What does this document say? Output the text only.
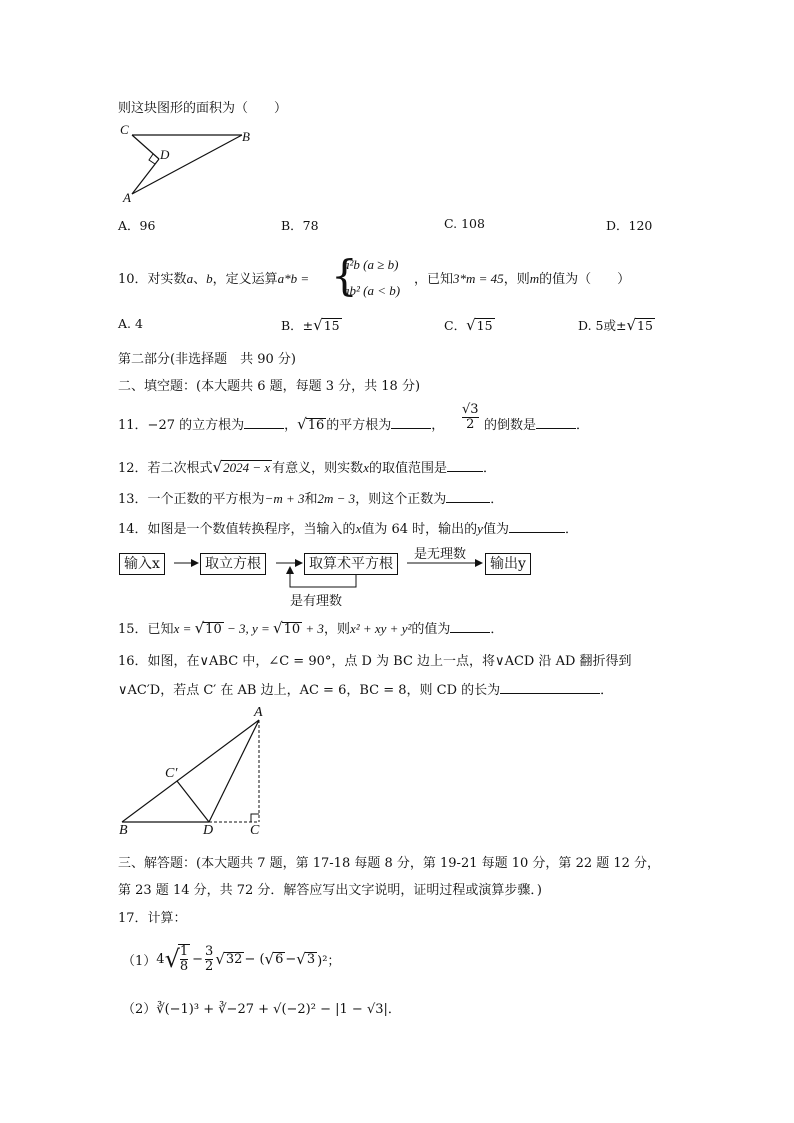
则这块图形的面积为（　　）
C	B
D
A
A．96	B．78	C. 108	D．120
10．对实数a、b，定义运算a*b = {
a²b (a ≥ b)
ab² (a < b)
，已知3*m = 45，则m的值为（　　）
A. 4	B．±√15	C．√15	D. 5或±√15
第二部分(非选择题　共 90 分)
二、填空题：(本大题共 6 题，每题 3 分，共 18 分)
11．−27 的立方根为	，√16 的平方根为	， $\frac{√3}{2}$ 的倒数是	．
12．若二次根式√2024 − x 有意义，则实数x的取值范围是	．
13．一个正数的平方根为−m + 3和2m − 3，则这个正数为	．
14．如图是一个数值转换程序，当输入的x值为 64 时，输出的y值为	．
输入x	取立方根	取算术平方根	输出y
是无理数
是有理数
15．已知x = √10 − 3, y = √10 + 3，则x² + xy + y²的值为	．
16．如图，在∨ABC 中，∠C = 90°，点 D 为 BC 边上一点，将∨ACD 沿 AD 翻折得到
∨AC′D，若点 C′ 在 AB 边上，AC = 6，BC = 8，则 CD 的长为	．
A
C′
B	D	C
三、解答题：(本大题共 7 题，第 17-18 每题 8 分，第 19-21 每题 10 分，第 22 题 12 分，
第 23 题 14 分，共 72 分．解答应写出文字说明，证明过程或演算步骤．)
17．计算：
（1） 4 √
$\frac{1}{8} - \frac{3}{2}$ √ 32 − ( √ 6 − √ 3 )²；
（2）∛(−1)³ + ∛−27 + √(−2)² − |1 − √3|．
